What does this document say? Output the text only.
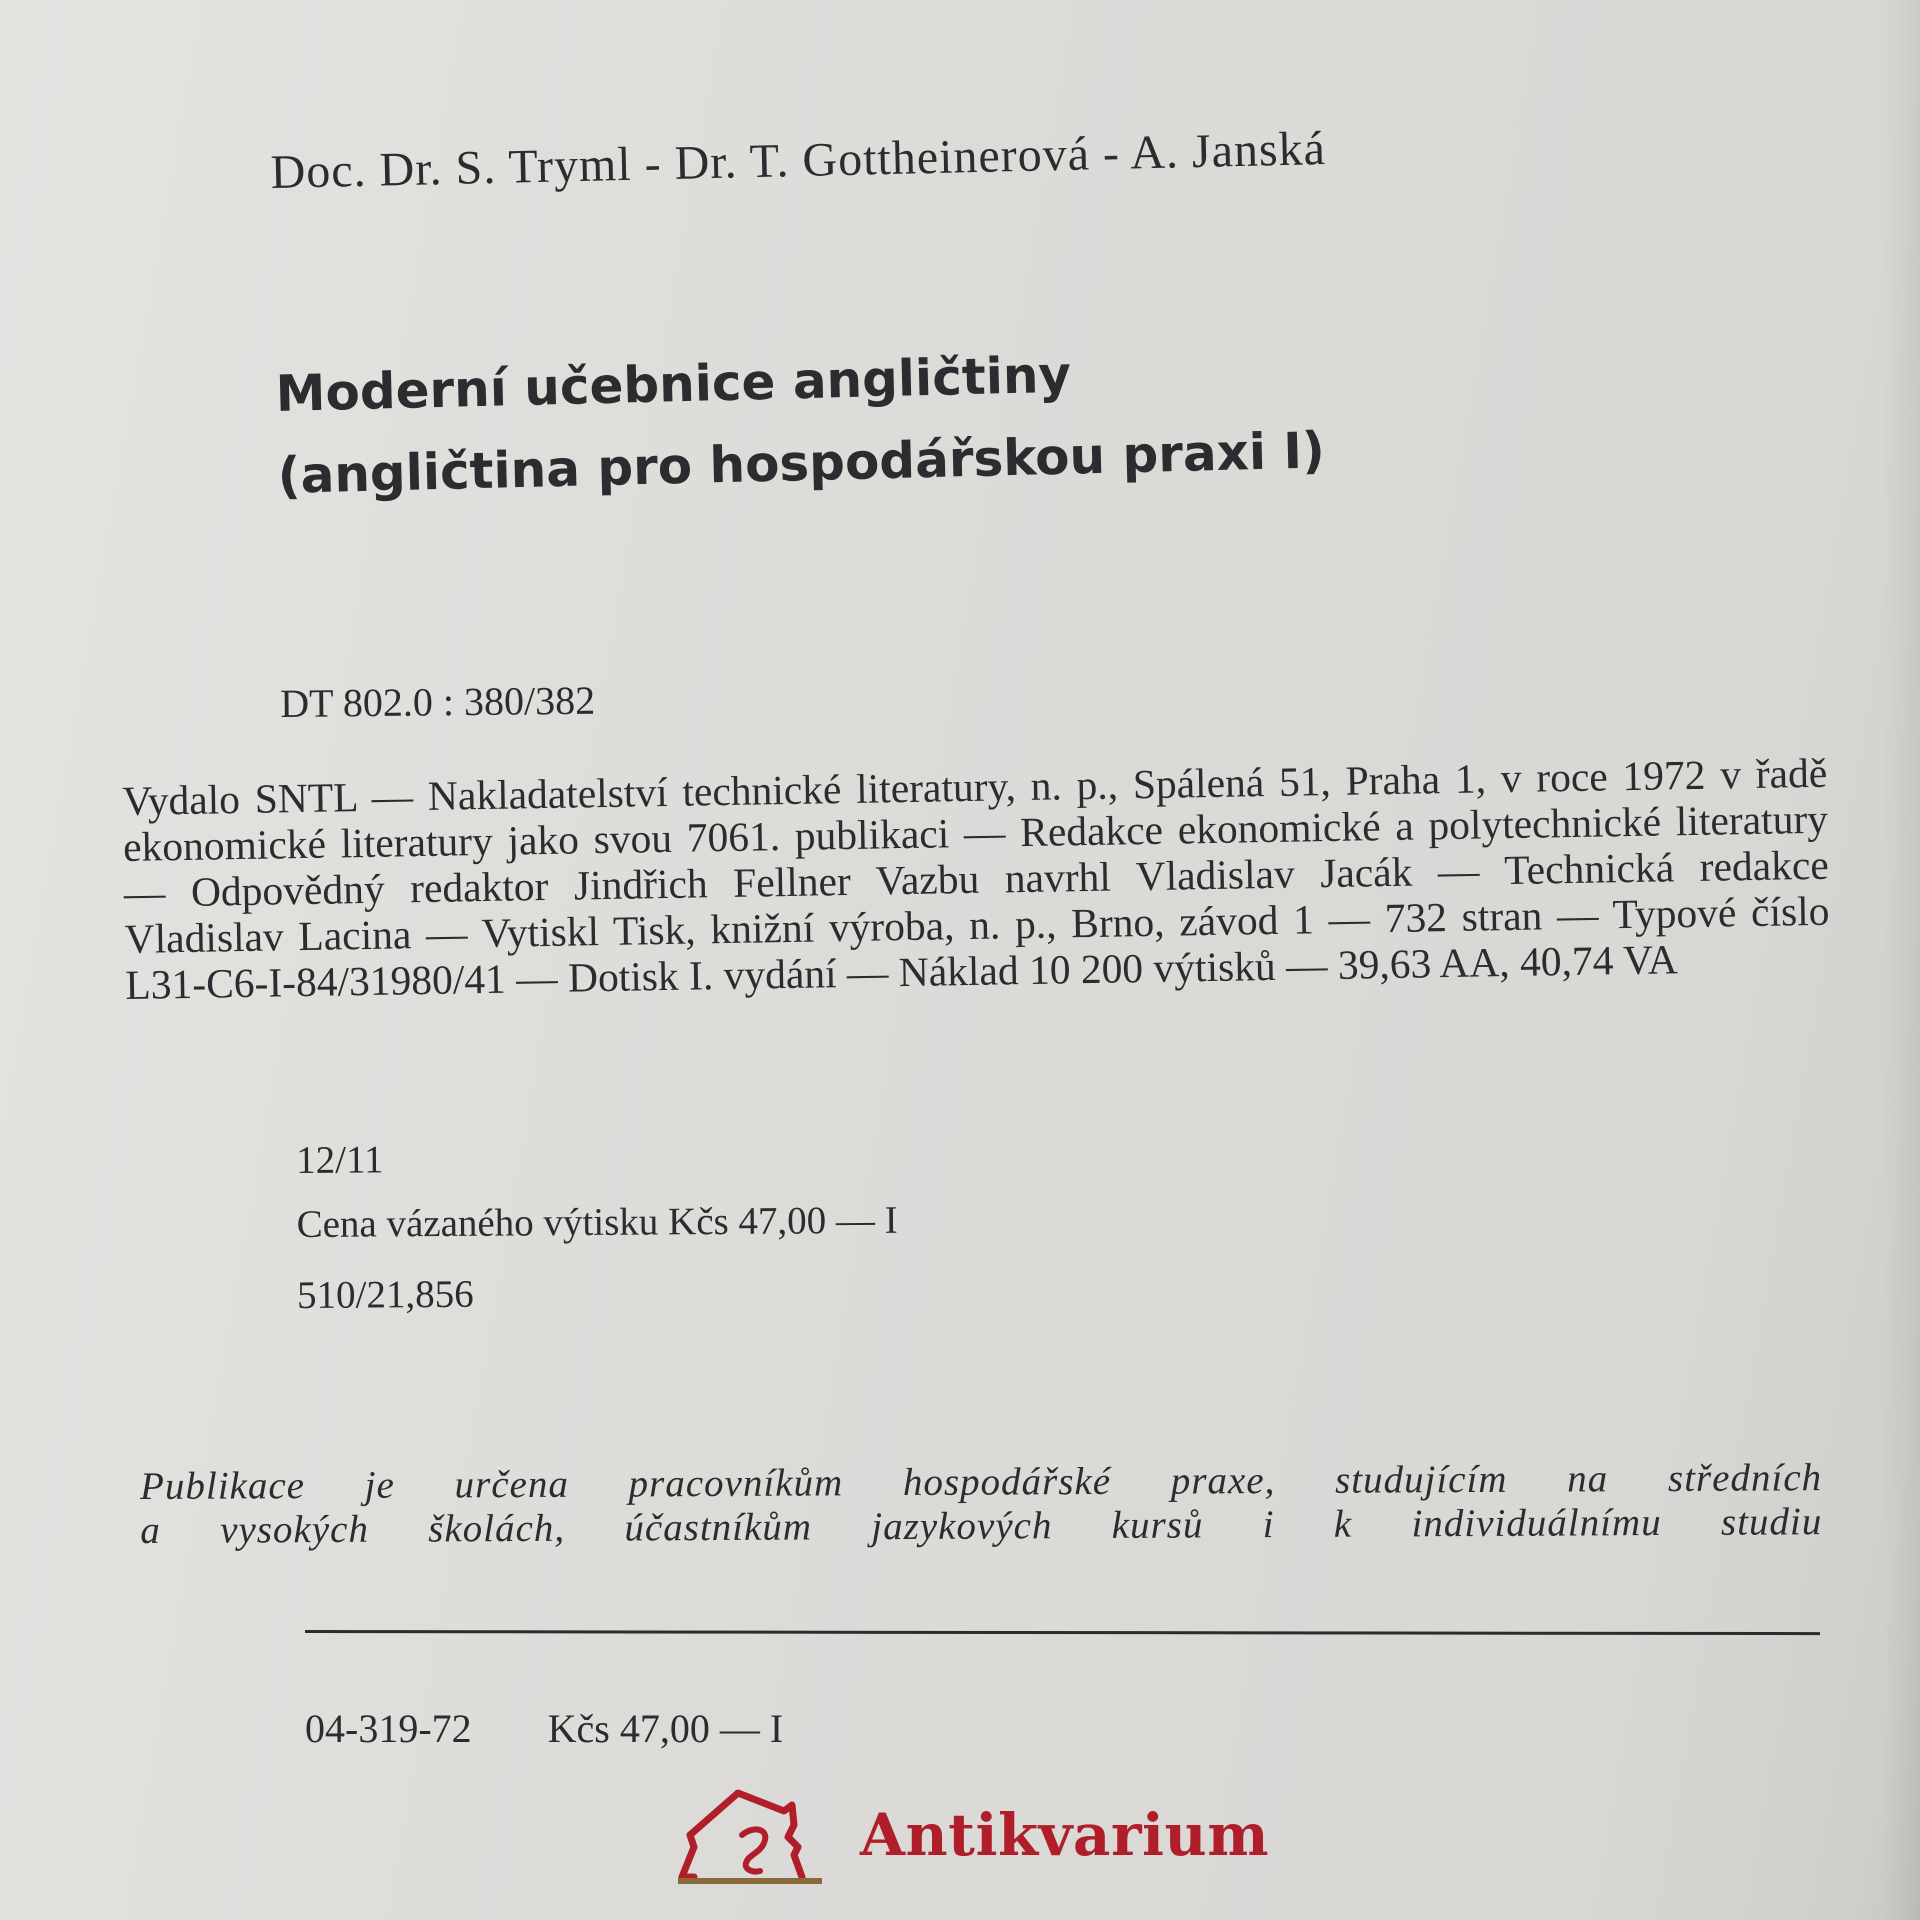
Doc. Dr. S. Tryml - Dr. T. Gottheinerová - A. Janská
Moderní učebnice angličtiny
(angličtina pro hospodářskou praxi I)
DT 802.0 : 380/382
Vydalo SNTL — Nakladatelství technické literatury, n. p., Spálená 51, Praha 1, v roce 1972 v řadě ekonomické literatury jako svou 7061. publikaci — Redakce ekonomické a polytechnické literatury — Odpovědný redaktor Jindřich Fellner Vazbu navrhl Vladislav Jacák — Technická redakce Vladislav Lacina — Vytiskl Tisk, knižní výroba, n. p., Brno, závod 1 — 732 stran — Typové číslo L31-C6-I-84/31980/41 — Dotisk I. vydání — Náklad 10 200 výtisků — 39,63 AA, 40,74 VA
12/11
Cena vázaného výtisku Kčs 47,00 — I
510/21,856
Publikace je určena pracovníkům hospodářské praxe, studujícím na středních
a vysokých školách, účastníkům jazykových kursů i k individuálnímu studiu
04-319-72 Kčs 47,00 — I
Antikvarium
